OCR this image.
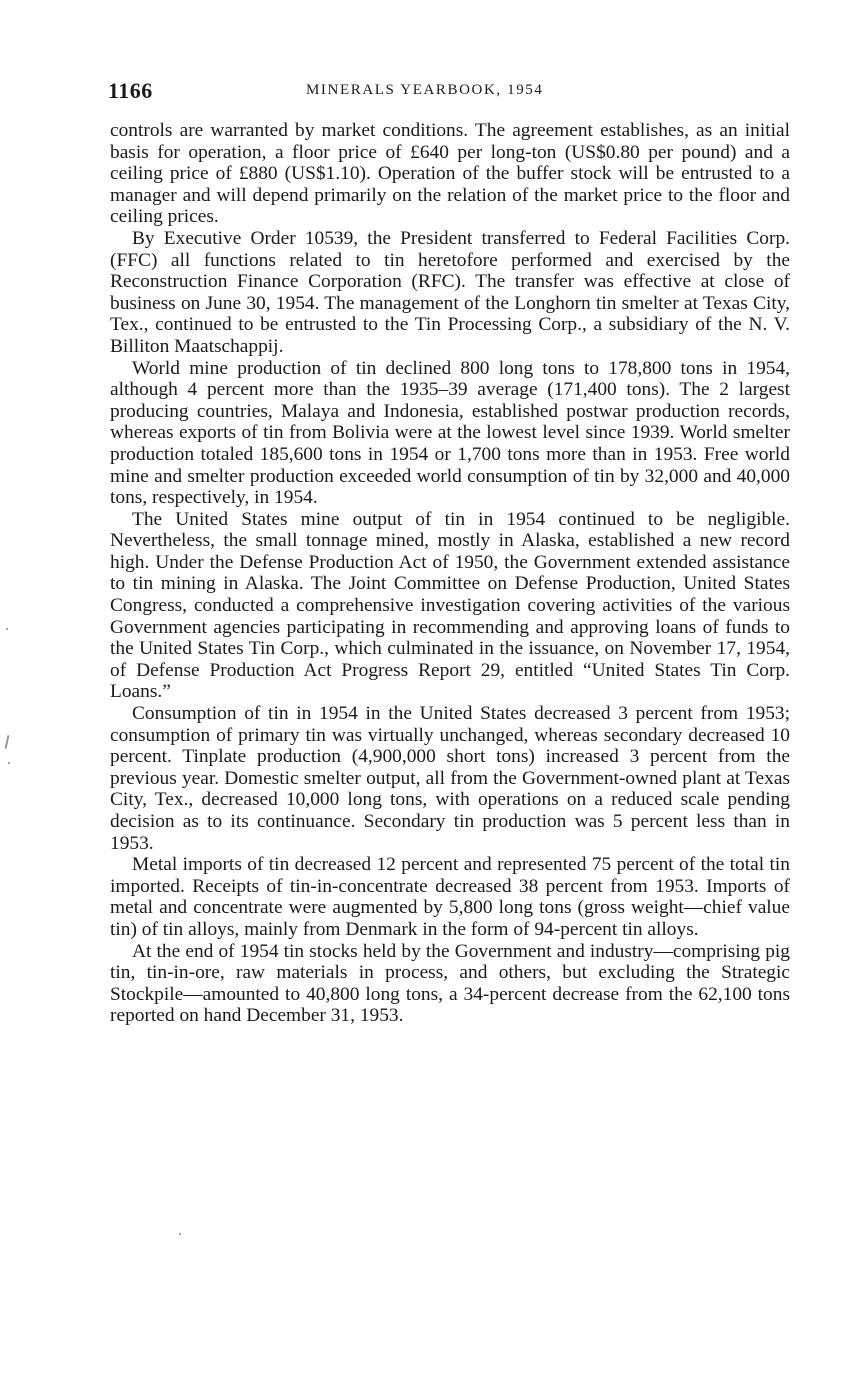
1166	MINERALS YEARBOOK, 1954

controls are warranted by market conditions. The agreement establishes, as an initial basis for operation, a floor price of £640 per long-ton (US$0.80 per pound) and a ceiling price of £880 (US$1.10). Operation of the buffer stock will be entrusted to a manager and will depend primarily on the relation of the market price to the floor and ceiling prices.

By Executive Order 10539, the President transferred to Federal Facilities Corp. (FFC) all functions related to tin heretofore performed and exercised by the Reconstruction Finance Corporation (RFC). The transfer was effective at close of business on June 30, 1954. The management of the Longhorn tin smelter at Texas City, Tex., continued to be entrusted to the Tin Processing Corp., a subsidiary of the N. V. Billiton Maatschappij.

World mine production of tin declined 800 long tons to 178,800 tons in 1954, although 4 percent more than the 1935–39 average (171,400 tons). The 2 largest producing countries, Malaya and Indonesia, established postwar production records, whereas exports of tin from Bolivia were at the lowest level since 1939. World smelter production totaled 185,600 tons in 1954 or 1,700 tons more than in 1953. Free world mine and smelter production exceeded world consumption of tin by 32,000 and 40,000 tons, respectively, in 1954.

The United States mine output of tin in 1954 continued to be negligible. Nevertheless, the small tonnage mined, mostly in Alaska, established a new record high. Under the Defense Production Act of 1950, the Government extended assistance to tin mining in Alaska. The Joint Committee on Defense Production, United States Congress, conducted a comprehensive investigation covering activities of the various Government agencies participating in recommending and approving loans of funds to the United States Tin Corp., which culminated in the issuance, on November 17, 1954, of Defense Production Act Progress Report 29, entitled “United States Tin Corp. Loans.”

Consumption of tin in 1954 in the United States decreased 3 percent from 1953; consumption of primary tin was virtually unchanged, whereas secondary decreased 10 percent. Tinplate production (4,900,000 short tons) increased 3 percent from the previous year. Domestic smelter output, all from the Government-owned plant at Texas City, Tex., decreased 10,000 long tons, with operations on a reduced scale pending decision as to its continuance. Secondary tin production was 5 percent less than in 1953.

Metal imports of tin decreased 12 percent and represented 75 percent of the total tin imported. Receipts of tin-in-concentrate decreased 38 percent from 1953. Imports of metal and concentrate were augmented by 5,800 long tons (gross weight—chief value tin) of tin alloys, mainly from Denmark in the form of 94-percent tin alloys.

At the end of 1954 tin stocks held by the Government and industry—comprising pig tin, tin-in-ore, raw materials in process, and others, but excluding the Strategic Stockpile—amounted to 40,800 long tons, a 34-percent decrease from the 62,100 tons reported on hand December 31, 1953.
